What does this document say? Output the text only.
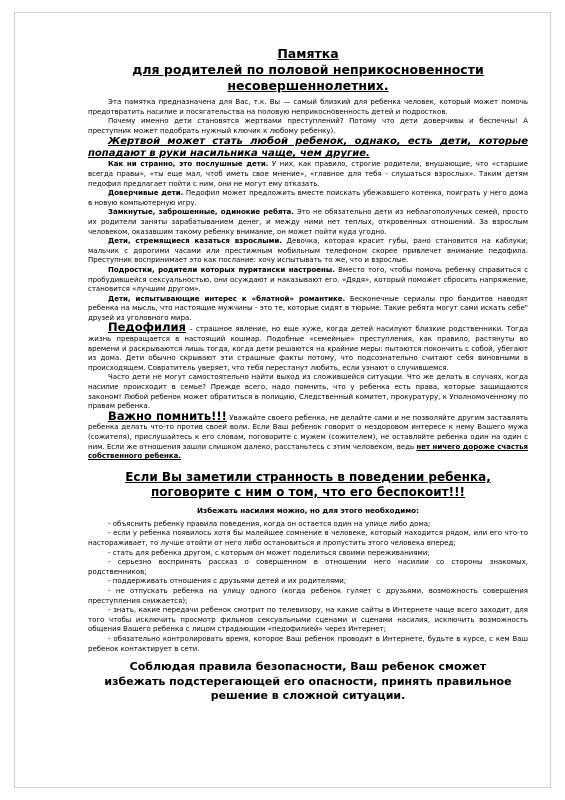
Памятка

для родителей по половой неприкосновенности

несовершеннолетних.

Эта памятка предназначена для Вас, т.к. Вы — самый близкий для ребенка человек, который может помочь предотвратить насилие и посягательства на половую неприкосновенность детей и подростков.

Почему именно дети становятся жертвами преступлений? Потому что дети доверчивы и беспечны! А преступник может подобрать нужный ключик к любому ребенку).

Жертвой может стать любой ребенок, однако, есть дети, которые попадают в руки насильника чаще, чем другие.

Как ни странно, это послушные дети. У них, как правило, строгие родители, внушающие, что «старшие всегда правы», «ты еще мал, чтоб иметь свое мнение», «главное для тебя - слушаться взрослых». Таким детям педофил предлагает пойти с ним, они не могут ему отказать.

Доверчивые дети. Педофил может предложить вместе поискать убежавшего котенка, поиграть у него дома в новую компьютерную игру.

Замкнутые, заброшенные, одинокие ребята. Это не обязательно дети из неблагополучных семей, просто их родители заняты зарабатыванием денег, и между ними нет теплых, откровенных отношений. За взрослым человеком, оказавшим такому ребенку внимание, он может пойти куда угодно.

Дети, стремящиеся казаться взрослыми. Девочка, которая красит губы, рано становится на каблуки; мальчик с дорогими часами или престижным мобильным телефоном скорее привлечет внимание педофила. Преступник воспринимает это как послание: хочу испытывать то же, что и взрослые.

Подростки, родители которых пуритански настроены. Вместо того, чтобы помочь ребенку справиться с пробудившейся сексуальностью, они осуждают и наказывают его. «Дядя», который поможет сбросить напряжение, становится «лучшим другом».

Дети, испытывающие интерес к «блатной» романтике. Бесконечные сериалы про бандитов наводят ребенка на мысль, что настоящие мужчины - это те, которые сидят в тюрьме. Такие ребята могут сами искать себе" друзей из уголовного мира.

Педофилия – страшное явление, но еще хуже, когда детей насилуют близкие родственники. Тогда жизнь превращается в настоящий кошмар. Подобные «семейные» преступления, как правило, растянуты во времени и раскрываются лишь тогда, когда дети решаются на крайние меры: пытаются покончить с собой, убегают из дома. Дети обычно скрывают эти страшные факты потому, что подсознательно считают себя виновными в происходящем. Совратитель уверяет, что тебя перестанут любить, если узнают о случившемся.

Часто дети не могут самостоятельно найти выход из сложившейся ситуации. Что же делать в случаях, когда насилие происходит в семье? Прежде всего, надо помнить, что у ребенка есть права, которые защищаются законом! Любой ребенок может обратиться в полицию, Следственный комитет, прокуратуру, к Уполномоченному по правам ребенка.

Важно помнить!!! Уважайте своего ребенка, не делайте сами и не позволяйте другим заставлять ребенка делать что-то против своей воли. Если Ваш ребенок говорит о нездоровом интересе к нему Вашего мужа (сожителя), прислушайтесь к его словам, поговорите с мужем (сожителем), не оставляйте ребенка один на один с ним. Если же отношения зашли слишком далеко, расстаньтесь с этим человеком, ведь нет ничего дороже счастья собственного ребенка.

Если Вы заметили странность в поведении ребенка,

поговорите с ним о том, что его беспокоит!!!

Избежать насилия можно, но для этого необходимо:

- объяснить ребенку правила поведения, когда он остается один на улице либо дома;

- если у ребенка появилось хотя бы малейшее сомнение в человеке, который находится рядом, или его что-то настораживает, то лучше отойти от него либо остановиться и пропустить этого человека вперед;

- стать для ребенка другом, с которым он может поделиться своими переживаниями;

- серьезно воспринять рассказ о совершенном в отношении него насилии со стороны знакомых, родственников;

- поддерживать отношения с друзьями детей и их родителями;

- не отпускать ребенка на улицу одного (когда ребенок гуляет с друзьями, возможность совершения преступления снижается);

- знать, какие передачи ребенок смотрит по телевизору, на какие сайты в Интернете чаще всего заходит, для того чтобы исключить просмотр фильмов сексуальными сценами и сценами насилия, исключить возможность общения Вашего ребенка с лицом страдающим «педофилией» через Интернет;

- обязательно контролировать время, которое Ваш ребенок проводит в Интернете, будьте в курсе, с кем Ваш ребенок контактирует в сети.

Соблюдая правила безопасности, Ваш ребенок сможет

избежать подстерегающей его опасности, принять правильное

решение в сложной ситуации.
